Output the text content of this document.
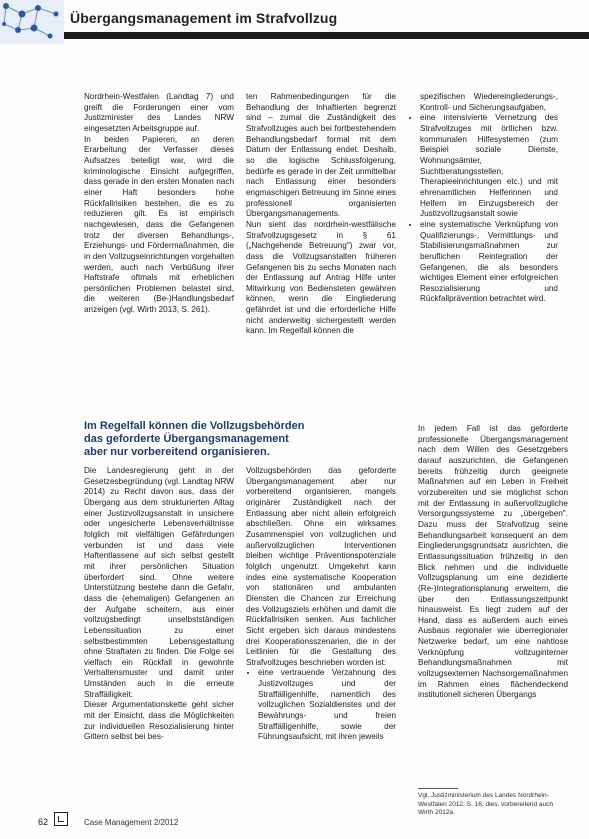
Übergangsmanagement im Strafvollzug

Nordrhein-Westfalen (Landtag 7) und greift die Forderungen einer vom Justizminister des Landes NRW eingesetzten Arbeitsgruppe auf.

In beiden Papieren, an deren Erarbeitung der Verfasser dieses Aufsatzes beteiligt war, wird die kriminologische Einsicht aufgegriffen, dass gerade in den ersten Monaten nach einer Haft besonders hohe Rückfallrisiken bestehen, die es zu reduzieren gilt. Es ist empirisch nachgewiesen, dass die Gefangenen trotz der diversen Behandlungs-, Erziehungs- und Fördermaßnahmen, die in den Vollzugseinrichtungen vorgehalten werden, auch nach Verbüßung ihrer Haftstrafe oftmals mit erheblichen persönlichen Problemen belastet sind, die weiteren (Be-)Handlungsbedarf anzeigen (vgl. Wirth 2013, S. 261).

Im Regelfall können die Vollzugsbehörden das geforderte Übergangsmanagement aber nur vorbereitend organisieren.

Die Landesregierung geht in der Gesetzesbegründung (vgl. Landtag NRW 2014) zu Recht davon aus, dass der Übergang aus dem strukturierten Alltag einer Justizvollzugsanstalt in unsichere oder ungesicherte Lebensverhältnisse folglich mit vielfältigen Gefährdungen verbunden ist und dass viele Haftentlassene auf sich selbst gestellt mit ihrer persönlichen Situation überfordert sind. Ohne weitere Unterstützung bestehe dann die Gefahr, dass die (ehemaligen) Gefangenen an der Aufgabe scheitern, aus einer vollzugsbedingt unselbstständigen Lebenssituation zu einer selbstbestimmten Lebensgestaltung ohne Straftaten zu finden. Die Folge sei vielfach ein Rückfall in gewohnte Verhaltensmuster und damit unter Umständen auch in die erneute Straffälligkeit.

Dieser Argumentationskette geht sicher mit der Einsicht, dass die Möglichkeiten zur individuellen Resozialisierung hinter Gittern selbst bei bes-

ten Rahmenbedingungen für die Behandlung der Inhaftierten begrenzt sind – zumal die Zuständigkeit des Strafvollzuges auch bei fortbestehendem Behandlungsbedarf formal mit dem Datum der Entlassung endet. Deshalb, so die logische Schlussfolgerung, bedürfe es gerade in der Zeit unmittelbar nach Entlassung einer besonders engmaschigen Betreuung im Sinne eines professionell organisierten Übergangsmanagements.

Nun sieht das nordrhein-westfälische Strafvollzugsgesetz in § 61 („Nachgehende Betreuung") zwar vor, dass die Vollzugsanstalten früheren Gefangenen bis zu sechs Monaten nach der Entlassung auf Antrag Hilfe unter Mitwirkung von Bediensteten gewähren können, wenn die Eingliederung gefährdet ist und die erforderliche Hilfe nicht anderweitig sichergestellt werden kann. Im Regelfall können die

Vollzugsbehörden das geforderte Übergangsmanagement aber nur vorbereitend organisieren, mangels originärer Zuständigkeit nach der Entlassung aber nicht allein erfolgreich abschließen. Ohne ein wirksames Zusammenspiel von vollzuglichen und außervollzuglichen Interventionen bleiben wichtige Präventionspotenziale folglich ungenutzt. Umgekehrt kann indes eine systematische Kooperation von stationären und ambulanten Diensten die Chancen zur Erreichung des Vollzugsziels erhöhen und damit die Rückfallrisiken senken. Aus fachlicher Sicht ergeben sich daraus mindestens drei Kooperationsszenarien, die in der Leitlinien für die Gestaltung des Strafvollzuges beschrieben worden ist:

• eine vertrauende Verzahnung des Justizvollzuges und der Straffälligenhilfe, namentlich des vollzuglichen Sozialdienstes und der Bewährungs- und freien Straffälligenhilfe, sowie der Führungsaufsicht, mit ihren jeweils

spezifischen Wiedereingliederungs-, Kontroll- und Sicherungsaufgaben,

• eine intensivierte Vernetzung des Strafvollzuges mit örtlichen bzw. kommunalen Hilfesystemen (zum Beispiel soziale Dienste, Wohnungsämter, Suchtberatungsstellen, Therapieeinrichtungen etc.) und mit ehrenamtlichen Helferinnen und Helfern im Einzugsbereich der Justizvollzugsanstalt sowie
• eine systematische Verknüpfung von Qualifizierungs-, Vermittlungs- und Stabilisierungsmaßnahmen zur beruflichen Reintegration der Gefangenen, die als besonders wichtiges Element einer erfolgreichen Resozialisierung und Rückfallprävention betrachtet wird.

In jedem Fall ist das geforderte professionelle Übergangsmanagement nach dem Willen des Gesetzgebers darauf auszurichten, die Gefangenen bereits frühzeitig durch geeignete Maßnahmen auf ein Leben in Freiheit vorzubereiten und sie möglichst schon mit der Entlassung in außervollzugliche Versorgungssysteme zu „übergeben". Dazu muss der Strafvollzug seine Behandlungsarbeit konsequent an dem Eingliederungsgrundsatz ausrichten, die Entlassungssituation frühzeitig in den Blick nehmen und die individuelle Vollzugsplanung um eine dezidierte (Re-)Integrationsplanung erweitern, die über den Entlassungszeitpunkt hinausweist. Es liegt zudem auf der Hand, dass es außerdem auch eines Ausbaus regionaler wie überregionaler Netzwerke bedarf, um eine nahtlose Verknüpfung vollzuginterner Behandlungsmaßnahmen mit vollzugsexternen Nachsorgemaßnahmen im Rahmen eines flächendeckend institutionell sicheren Übergangs

Vgl. Justizministerium des Landes Nordrhein-Westfalen 2012, S. 16, dies. vorbereitend auch Wirth 2012a.
62	Case Management 2/2012
